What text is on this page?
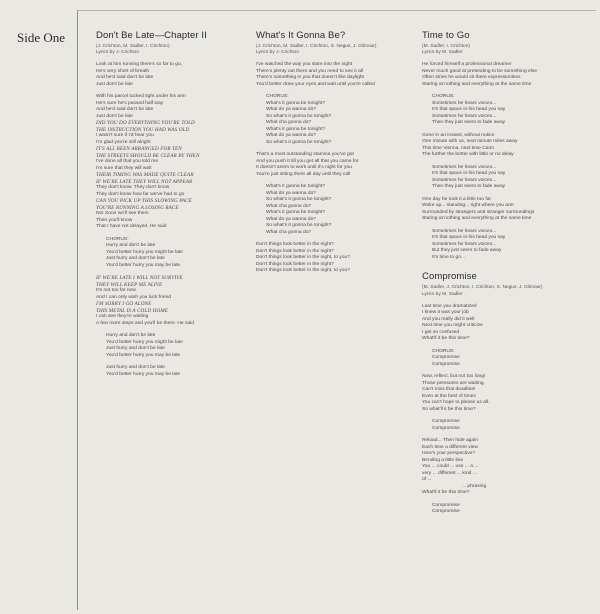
Side One	Don't Be Late—Chapter II
(J. Crichton, M. Sadler, I. Crichton)
Lyrics by J. Crichton
Look at him running there's so far to go,
He's very short of breath
And he'd said don't be late
Just don't be late
With his parcel tucked tight under his arm
He's sure he's passed half way
And he'd said don't be late
Just don't be late
DID YOU DO EVERYTHING YOU'RE TOLD
THE INSTRUCTION YOU HAD WAS OLD
I wasn't sure if I'd hear you
I'm glad you're still alright
IT'S ALL BEEN ARRANGED FOR TEN
THE STREETS SHOULD BE CLEAR BY THEN
I've done all that you told me
I'm sure that they will wait
THEIR TIMING WAS MADE QUITE CLEAR
IF WE'RE LATE THEY WILL NOT APPEAR
They don't know. They don't know
They don't know how far we've had to go
CAN YOU PICK UP THIS SLOWING PACE
YOU'RE RUNNING A LOSING RACE
No! Soon we'll see them
Then you'll know
That I have not delayed. He said
CHORUS:
Hurry and don't be late
You'd better hurry you might be late
Just hurry and don't be late
You'd better hurry you may be late
IF WE'RE LATE I WILL NOT SURVIVE
THEY WILL KEEP ME ALIVE
It's not too far now
And I can only wish you luck friend
I'M SORRY I GO ALONE
THIS METAL IS A COLD HOME
I can see they're waiting
A few more steps and you'll be there. He said
Hurry and don't be late
You'd better hurry you might be late
Just hurry and don't be late
You'd better hurry you may be late
Just hurry and don't be late
You'd better hurry you may be late
What's It Gonna Be?
(J. Crichton, M. Sadler, I. Crichton, S. Negus, J. Gilmour)
Lyrics by J. Crichton
I've watched the way you stare into the night
There's plenty out there and you need to see it all
There's something in you that doesn't like daylight
You'd better draw your eyes and wait until you're called
CHORUS:
What's it gonna be tonight?
What do ya wanna do?
So what's it gonna be tonight?
What cha gonna do?
What's it gonna be tonight?
What do ya wanna do?
So what's it gonna be tonight?
That's a most outstanding stamina you've got
And you push it till you get all that you came for
It doesn't seem to work until it's night for you
You're just sitting there all day until they call
What's it gonna be tonight?
What do ya wanna do?
So what's it gonna be tonight?
What cha gonna do?
What's it gonna be tonight?
What do ya wanna do?
So what's it gonna be tonight?
What cha gonna do?
Don't things look better in the night?
Don't things look better in the night?
Don't things look better in the night, to you?
Don't things look better in the night?
Don't things look better in the night, to you?
Time to Go
(M. Sadler, I. Crichton)
Lyrics by M. Sadler
He forced himself a professional dreamer
Never much good at pretending to be something else
Often times he would sit there expressionless
Staring at nothing and everything at the same time
CHORUS:
Sometimes he hears voices...
It's that space in his head you say
Sometimes he hears voices...
Then they just seem to fade away
Gone in an instant, without notice
One minute with us, next minute miles away
This time Vienna, next time Cairo
The further the better with little or no delay
Sometimes he hears voices...
It's that space in his head you say
Sometimes he hears voices...
Then they just seem to fade away
One day he took it a little too far
Woke up... standing... right where you are!
Surrounded by strangers and stranger surroundings
Staring at nothing and everything at the same time
Sometimes he hears voices...
It's that space in his head you say
Sometimes he hears voices...
But they just seem to fade away
It's time to go...
Compromise
(M. Sadler, J. Crichton, I. Crichton, S. Negus, J. Gilmour)
Lyrics by M. Sadler
Last time you dramatized
I knew it was your job
And you really did it well
Next time you might criticize
I get so confused
What'll it be this time?
CHORUS:
Compromise
Compromise
Now, reflect, but not too long!
Those pressures are waiting,
Can't miss that deadline!
Even at the best of times
You can't hope to please us all.
So what'll it be this time?
Compromise
Compromise
Reload... Then hide again
Each time a different view
How's your perspective?
Bending a little line
You ... could ... use ... a ...
very ... different ... kind ...
of ...
... phrasing
What'll it be this time?
Compromise
Compromise
